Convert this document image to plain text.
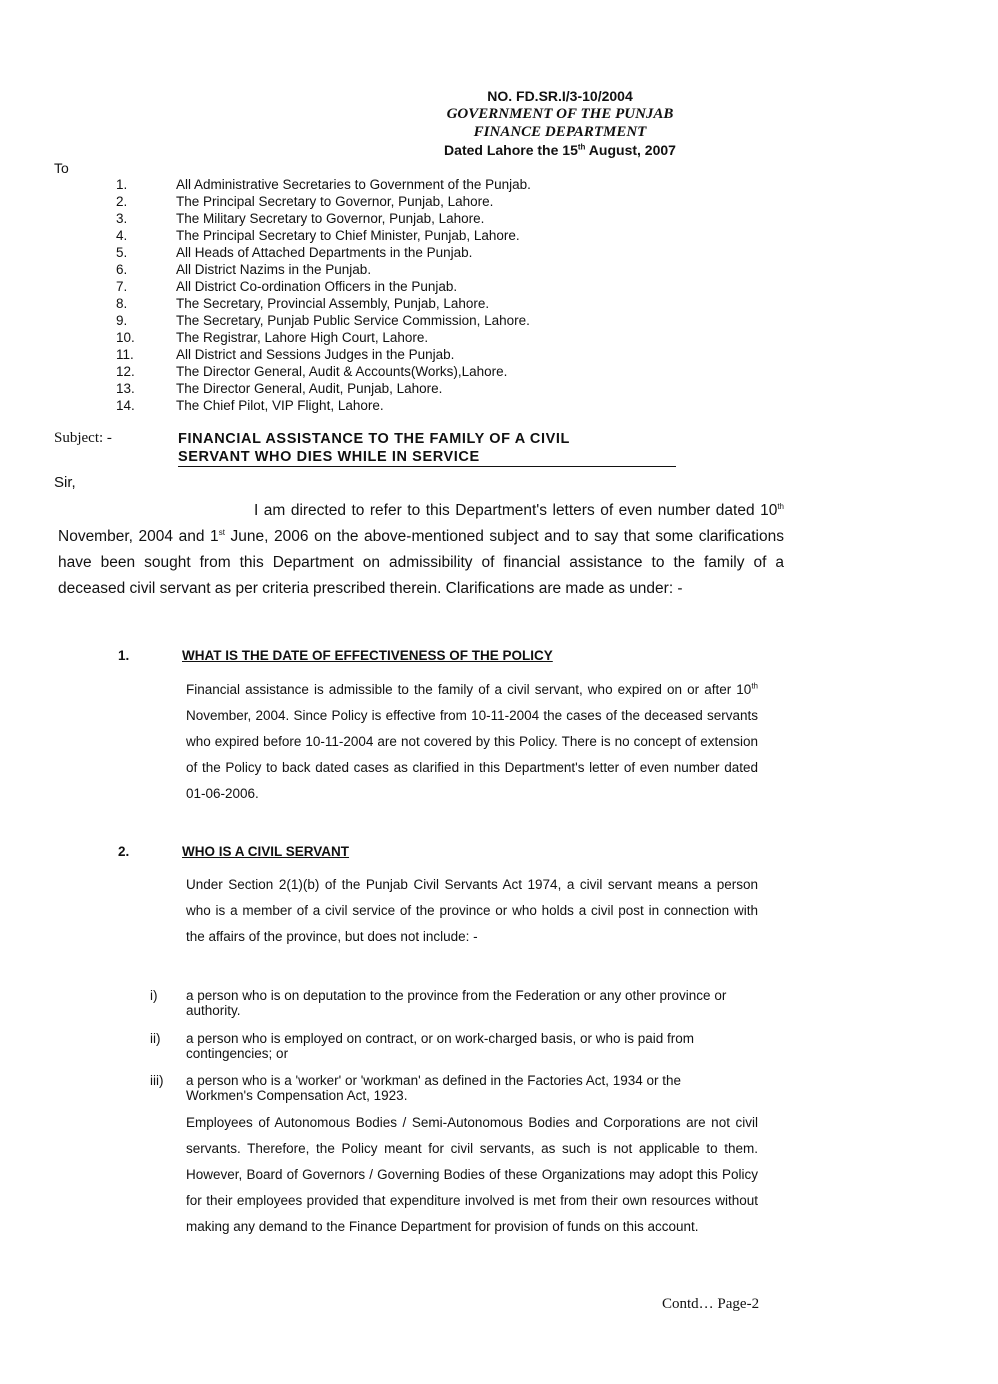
NO. FD.SR.I/3-10/2004
GOVERNMENT OF THE PUNJAB
FINANCE DEPARTMENT
Dated Lahore the 15th August, 2007
To
1.	All Administrative Secretaries to Government of the Punjab.
2.	The Principal Secretary to Governor, Punjab, Lahore.
3.	The Military Secretary to Governor, Punjab, Lahore.
4.	The Principal Secretary to Chief Minister, Punjab, Lahore.
5.	All Heads of Attached Departments in the Punjab.
6.	All District Nazims in the Punjab.
7.	All District Co-ordination Officers in the Punjab.
8.	The Secretary, Provincial Assembly, Punjab, Lahore.
9.	The Secretary, Punjab Public Service Commission, Lahore.
10.	The Registrar, Lahore High Court, Lahore.
11.	All District and Sessions Judges in the Punjab.
12.	The Director General, Audit & Accounts(Works),Lahore.
13.	The Director General, Audit, Punjab, Lahore.
14.	The Chief Pilot, VIP Flight, Lahore.
Subject: -	FINANCIAL ASSISTANCE TO THE FAMILY OF A CIVIL
SERVANT WHO DIES WHILE IN SERVICE
Sir,
I am directed to refer to this Department's letters of even number dated 10th November, 2004 and 1st June, 2006 on the above-mentioned subject and to say that some clarifications have been sought from this Department on admissibility of financial assistance to the family of a deceased civil servant as per criteria prescribed therein. Clarifications are made as under: -
1.	WHAT IS THE DATE OF EFFECTIVENESS OF THE POLICY
Financial assistance is admissible to the family of a civil servant, who expired on or after 10th November, 2004. Since Policy is effective from 10-11-2004 the cases of the deceased servants who expired before 10-11-2004 are not covered by this Policy. There is no concept of extension of the Policy to back dated cases as clarified in this Department's letter of even number dated 01-06-2006.
2.	WHO IS A CIVIL SERVANT
Under Section 2(1)(b) of the Punjab Civil Servants Act 1974, a civil servant means a person who is a member of a civil service of the province or who holds a civil post in connection with the affairs of the province, but does not include: -
i)	a person who is on deputation to the province from the Federation or any other province or authority.
ii)	a person who is employed on contract, or on work-charged basis, or who is paid from contingencies; or
iii)	a person who is a 'worker' or 'workman' as defined in the Factories Act, 1934 or the Workmen's Compensation Act, 1923.
Employees of Autonomous Bodies / Semi-Autonomous Bodies and Corporations are not civil servants. Therefore, the Policy meant for civil servants, as such is not applicable to them. However, Board of Governors / Governing Bodies of these Organizations may adopt this Policy for their employees provided that expenditure involved is met from their own resources without making any demand to the Finance Department for provision of funds on this account.
Contd… Page-2
